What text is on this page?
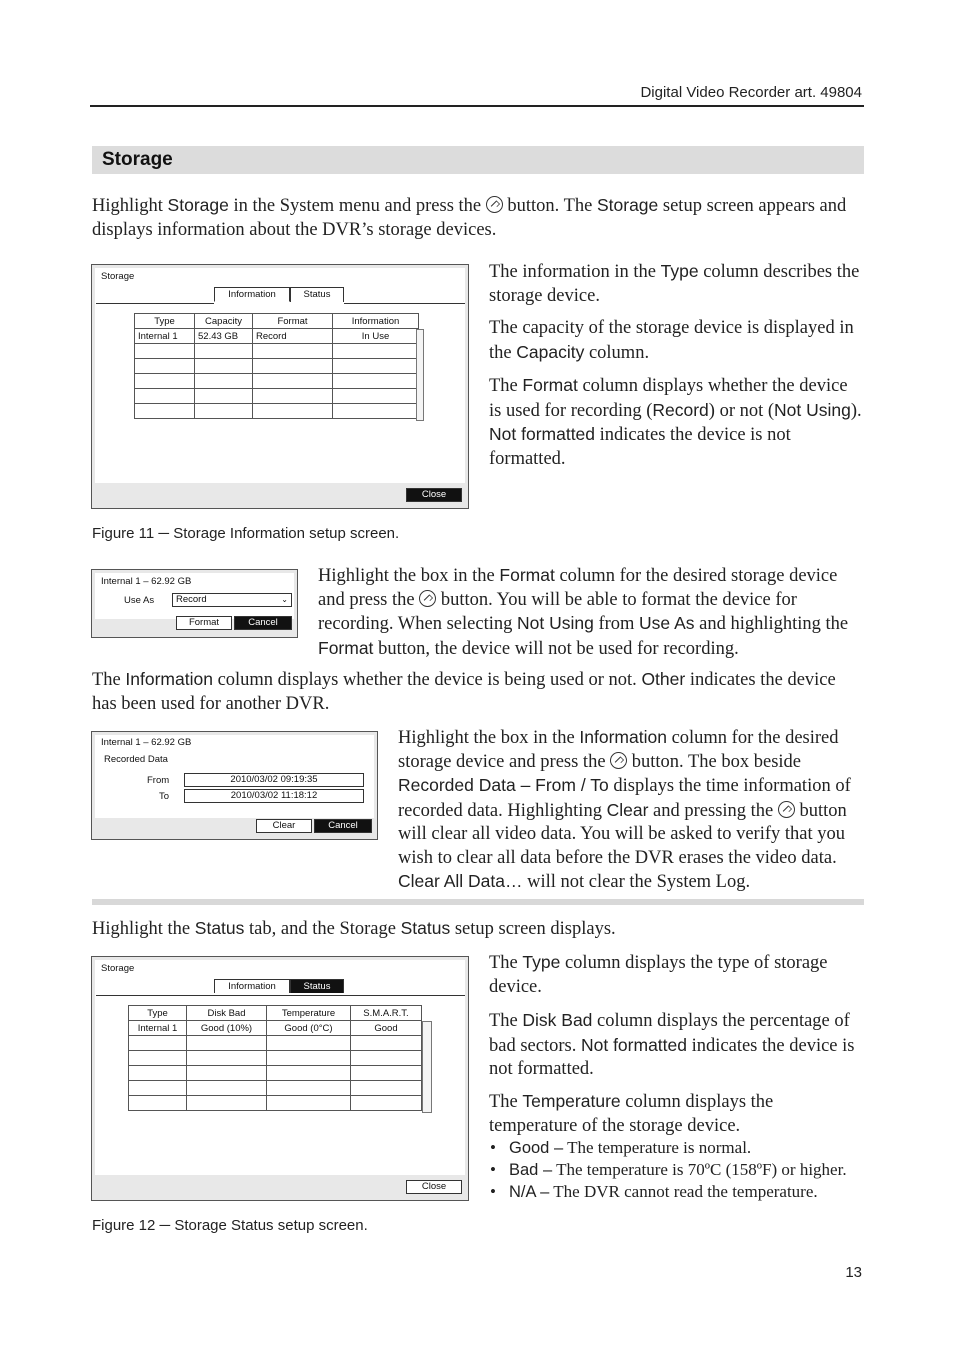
Digital Video Recorder art. 49804
Storage

Highlight Storage in the System menu and press the  button. The Storage setup screen appears and displays information about the DVR’s storage devices.

Storage
Information	Status
Type	Capacity	Format	Information
Internal 1	52.43 GB	Record	In Use

Close

The information in the Type column describes the storage device.

The capacity of the storage device is displayed in the Capacity column.

The Format column displays whether the device is used for recording (Record) or not (Not Using). Not formatted indicates the device is not formatted.

Figure 11 ─ Storage Information setup screen.
Internal 1 – 62.92 GB
Use As	Record	⌄
Format	Cancel

Highlight the box in the Format column for the desired storage device and press the  button. You will be able to format the device for recording. When selecting Not Using from Use As and highlighting the Format button, the device will not be used for recording.

The Information column displays whether the device is being used or not. Other indicates the device has been used for another DVR.

Internal 1 – 62.92 GB
Recorded Data
From	2010/03/02 09:19:35
To	2010/03/02 11:18:12
Clear	Cancel

Highlight the box in the Information column for the desired storage device and press the  button. The box beside Recorded Data – From / To displays the time information of recorded data. Highlighting Clear and pressing the  button will clear all video data. You will be asked to verify that you wish to clear all data before the DVR erases the video data. Clear All Data… will not clear the System Log.

Highlight the Status tab, and the Storage Status setup screen displays.

Storage
Information	Status
Type	Disk Bad	Temperature	S.M.A.R.T.
Internal 1	Good (10%)	Good (0°C)	Good

Close

The Type column displays the type of storage device.

The Disk Bad column displays the percentage of bad sectors. Not formatted indicates the device is not formatted.

The Temperature column displays the temperature of the storage device.

• Good – The temperature is normal.
• Bad – The temperature is 70ºC (158ºF) or higher.
• N/A – The DVR cannot read the temperature.
Figure 12 ─ Storage Status setup screen.
13
